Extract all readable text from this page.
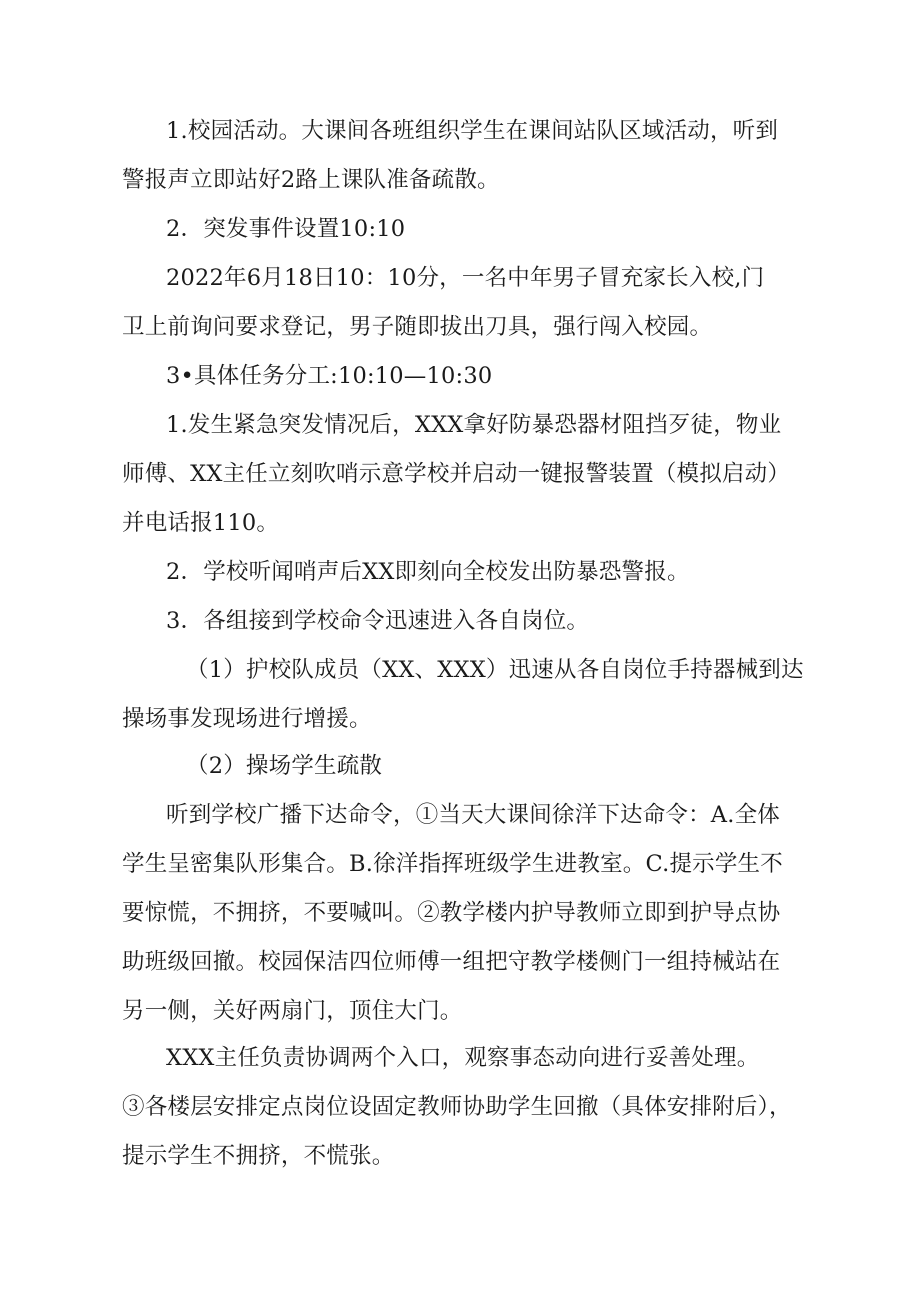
1.校园活动。大课间各班组织学生在课间站队区域活动，听到
警报声立即站好2路上课队准备疏散。
2．突发事件设置10:10
2022年6月18日10：10分，一名中年男子冒充家长入校,门
卫上前询问要求登记，男子随即拔出刀具，强行闯入校园。
3•具体任务分工:10:10—10:30
1.发生紧急突发情况后，XXX拿好防暴恐器材阻挡歹徒，物业
师傅、XX主任立刻吹哨示意学校并启动一键报警装置（模拟启动）
并电话报110。
2．学校听闻哨声后XX即刻向全校发出防暴恐警报。
3．各组接到学校命令迅速进入各自岗位。
（1）护校队成员（XX、XXX）迅速从各自岗位手持器械到达
操场事发现场进行增援。
（2）操场学生疏散
听到学校广播下达命令，①当天大课间徐洋下达命令：A.全体
学生呈密集队形集合。B.徐洋指挥班级学生进教室。C.提示学生不
要惊慌，不拥挤，不要喊叫。②教学楼内护导教师立即到护导点协
助班级回撤。校园保洁四位师傅一组把守教学楼侧门一组持械站在
另一侧，关好两扇门，顶住大门。
XXX主任负责协调两个入口，观察事态动向进行妥善处理。
③各楼层安排定点岗位设固定教师协助学生回撤（具体安排附后），
提示学生不拥挤，不慌张。
